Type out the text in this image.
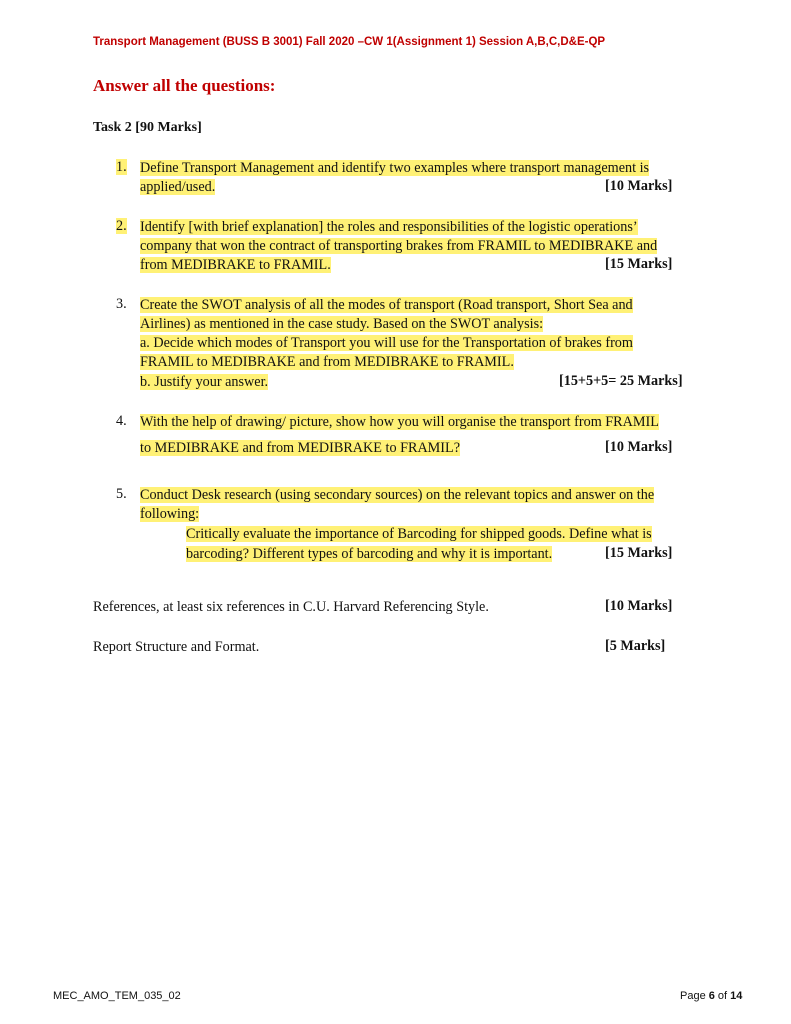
Transport Management (BUSS B 3001) Fall 2020 –CW 1(Assignment 1) Session A,B,C,D&E-QP
Answer all the questions:
Task 2 [90 Marks]
1. Define Transport Management and identify two examples where transport management is
applied/used.	[10 Marks]
2. Identify [with brief explanation] the roles and responsibilities of the logistic operations’
company that won the contract of transporting brakes from FRAMIL to MEDIBRAKE and
from MEDIBRAKE to FRAMIL.	[15 Marks]
3. Create the SWOT analysis of all the modes of transport (Road transport, Short Sea and
Airlines) as mentioned in the case study. Based on the SWOT analysis:
a. Decide which modes of Transport you will use for the Transportation of brakes from
FRAMIL to MEDIBRAKE and from MEDIBRAKE to FRAMIL.
b. Justify your answer.	[15+5+5= 25 Marks]
4. With the help of drawing/ picture, show how you will organise the transport from FRAMIL
to MEDIBRAKE and from MEDIBRAKE to FRAMIL?	[10 Marks]
5. Conduct Desk research (using secondary sources) on the relevant topics and answer on the
following:
Critically evaluate the importance of Barcoding for shipped goods. Define what is
barcoding? Different types of barcoding and why it is important.	[15 Marks]
References, at least six references in C.U. Harvard Referencing Style.	[10 Marks]
Report Structure and Format.	[5 Marks]
MEC_AMO_TEM_035_02	Page 6 of 14
